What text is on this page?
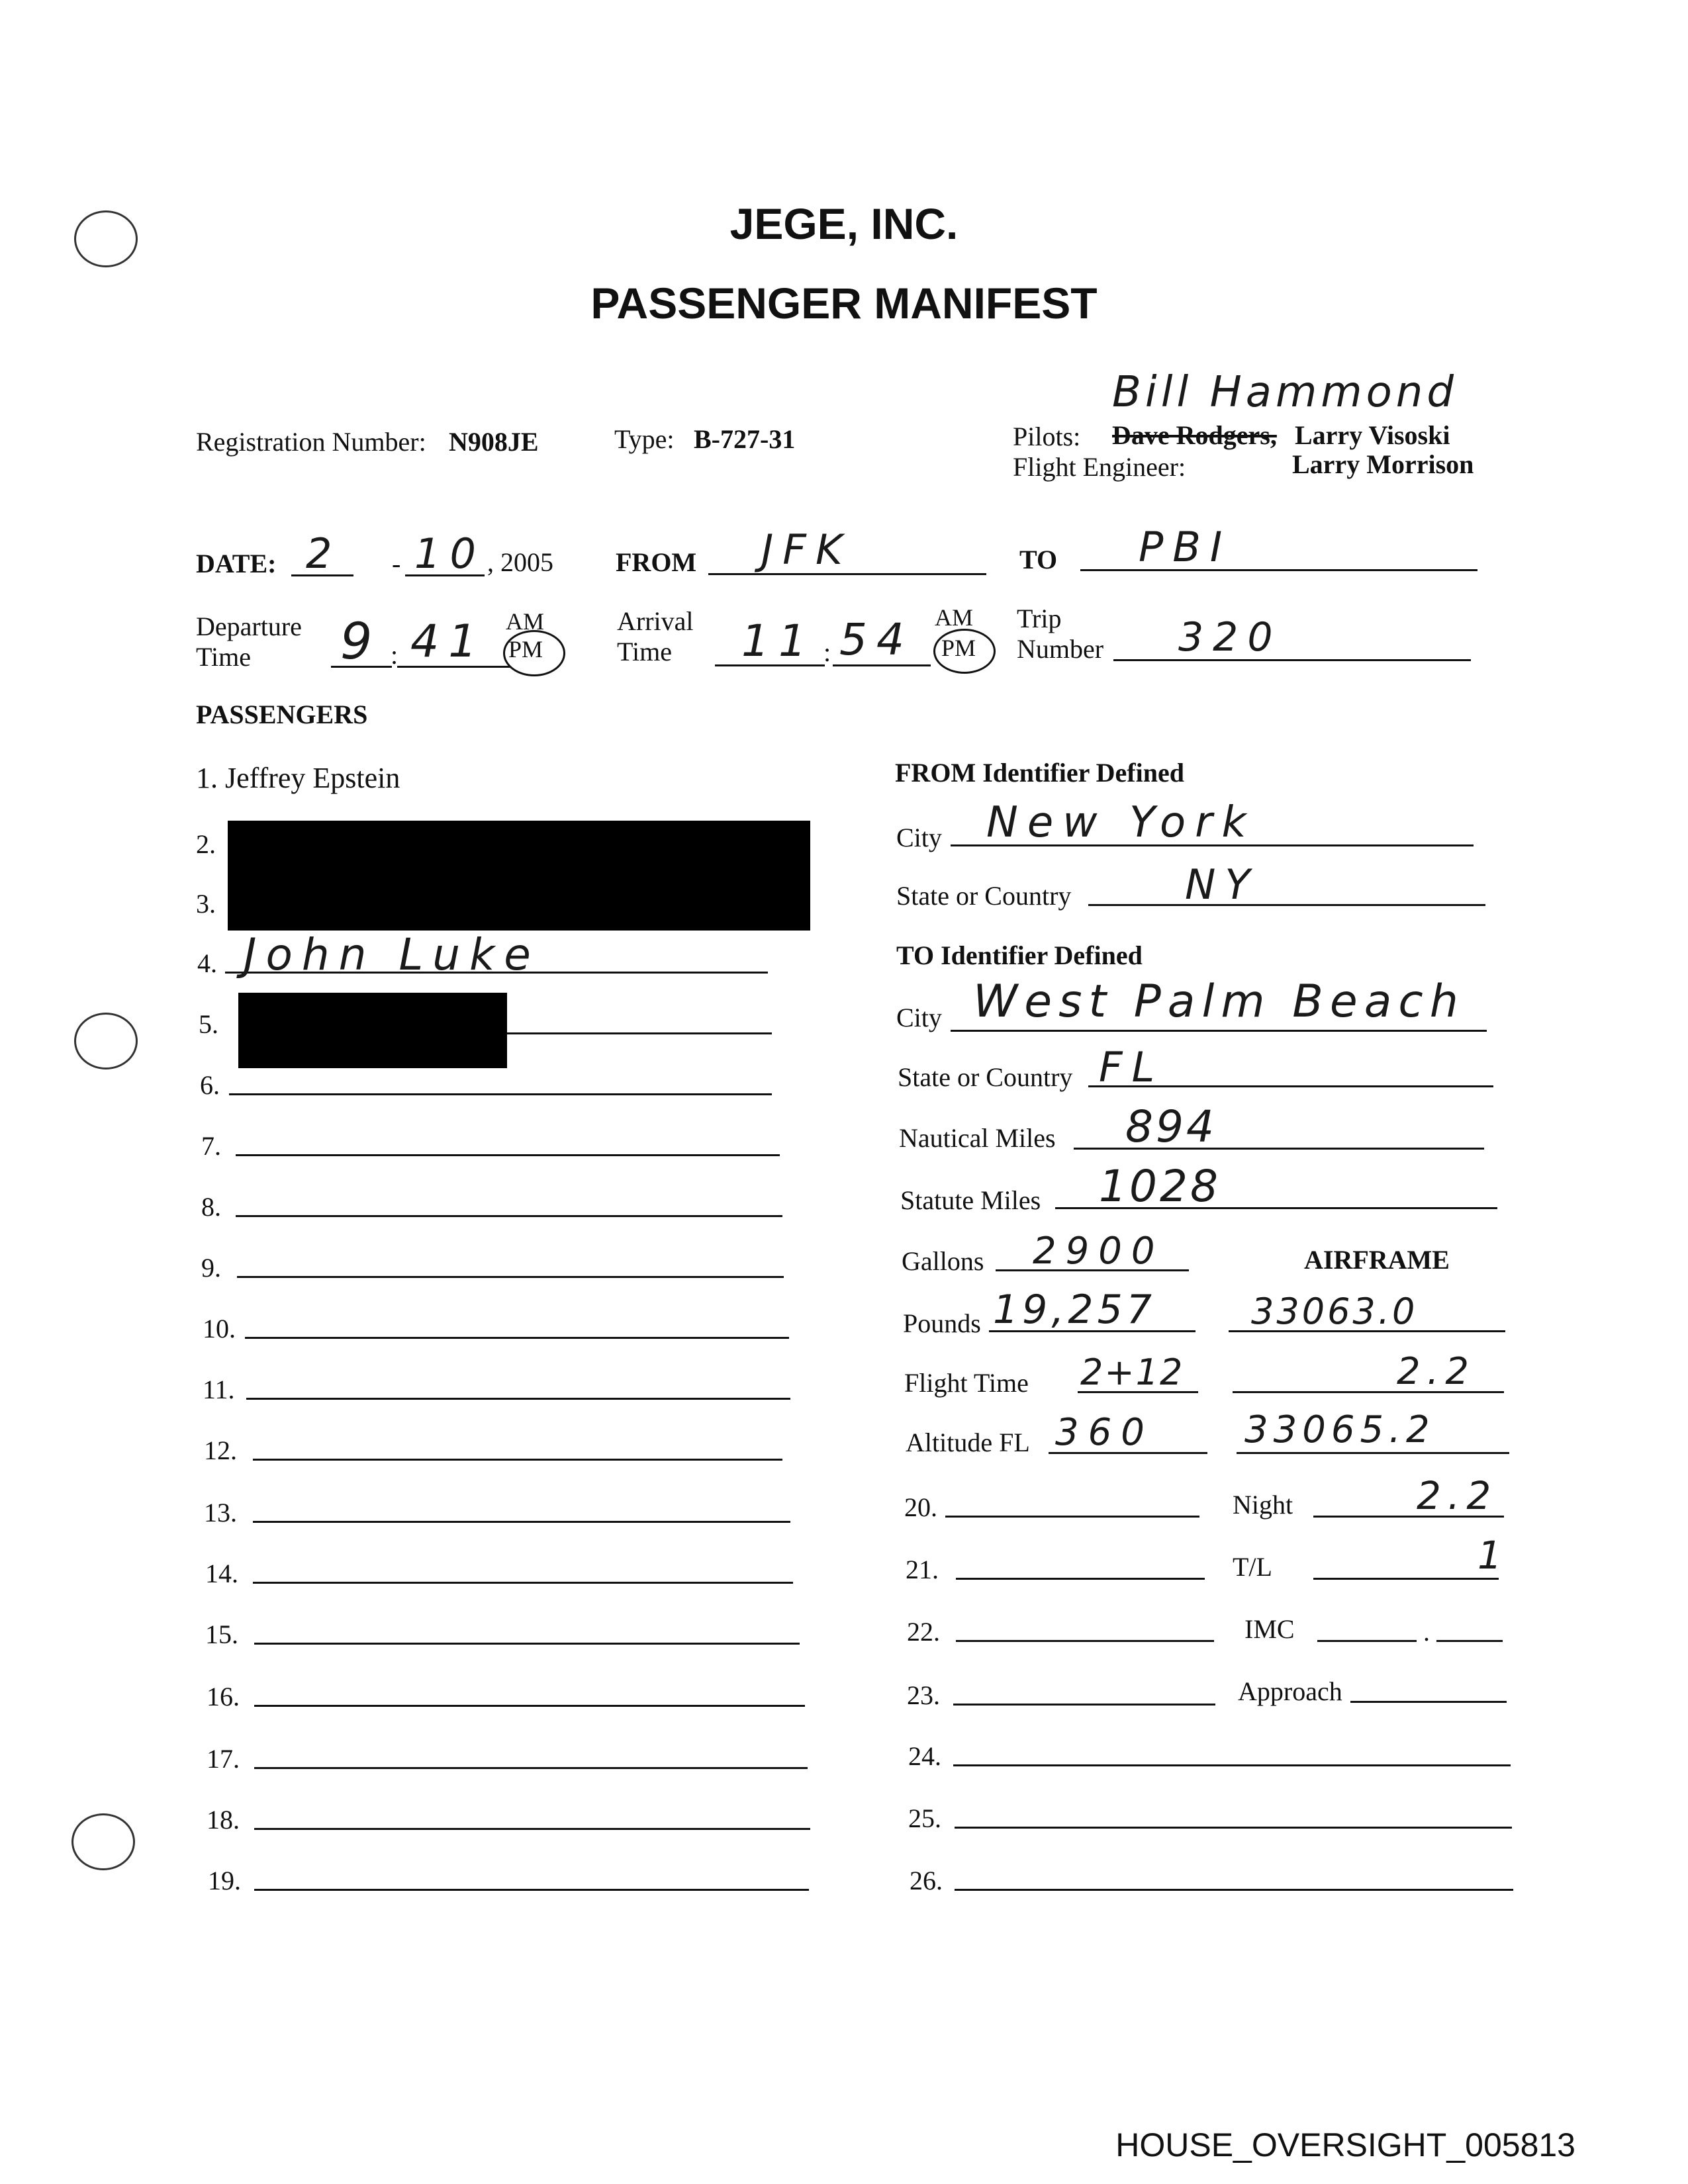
JEGE, INC.
PASSENGER MANIFEST
Registration Number: N908JE	Type: B-727-31
Bill Hammond
Pilots: Dave Rodgers, Larry Visoski
Flight Engineer:	Larry Morrison
DATE: 2 - 10 , 2005 FROM JFK	TO PBI
Departure
Time	9 : 41 AM
PM
Arrival
Time	11 : 54 AM
PM
Trip
Number 320
PASSENGERS
1. Jeffrey Epstein
2.
3.
4. John Luke
5.
6.
7.
8.
9.
10.
11.
12.
13.
14.
15.
16.
17.
18.
19.
FROM Identifier Defined
City New York
State or Country	NY
TO Identifier Defined
City West Palm Beach
State or Country FL
Nautical Miles 894
Statute Miles 1028
Gallons 2900	AIRFRAME
Pounds 19,257	33063.0
Flight Time 2+12	2.2
Altitude FL 360 33065.2
20.	Night	2.2
21.	T/L	1
22.	IMC	.
23.	Approach
24.
25.
26.
HOUSE_OVERSIGHT_005813
